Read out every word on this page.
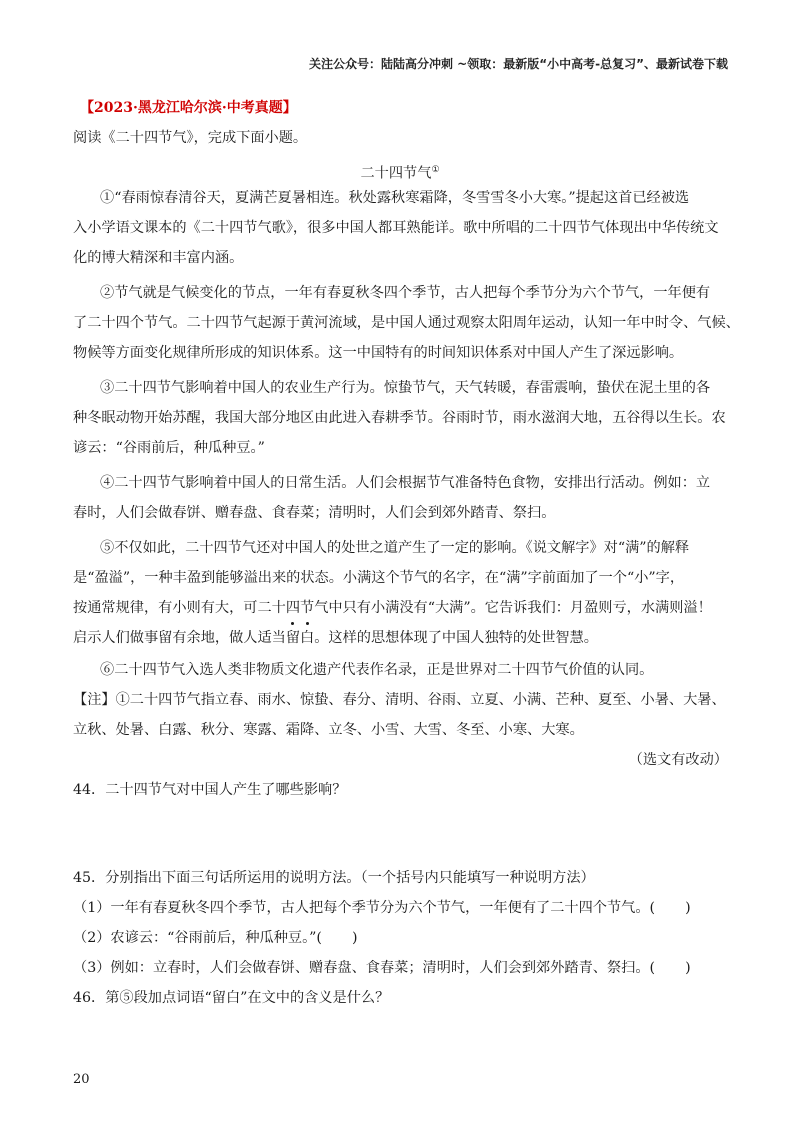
关注公众号：陆陆高分冲刺 ~领取：最新版“小中高考-总复习”、最新试卷下载
【2023·黑龙江哈尔滨·中考真题】
阅读《二十四节气》，完成下面小题。
二十四节气①
①“春雨惊春清谷天，夏满芒夏暑相连。秋处露秋寒霜降，冬雪雪冬小大寒。”提起这首已经被选
入小学语文课本的《二十四节气歌》，很多中国人都耳熟能详。歌中所唱的二十四节气体现出中华传统文
化的博大精深和丰富内涵。
②节气就是气候变化的节点，一年有春夏秋冬四个季节，古人把每个季节分为六个节气，一年便有
了二十四个节气。二十四节气起源于黄河流域，是中国人通过观察太阳周年运动，认知一年中时令、气候、
物候等方面变化规律所形成的知识体系。这一中国特有的时间知识体系对中国人产生了深远影响。
③二十四节气影响着中国人的农业生产行为。惊蛰节气，天气转暖，春雷震响，蛰伏在泥土里的各
种冬眠动物开始苏醒，我国大部分地区由此进入春耕季节。谷雨时节，雨水滋润大地，五谷得以生长。农
谚云：“谷雨前后，种瓜种豆。”
④二十四节气影响着中国人的日常生活。人们会根据节气准备特色食物，安排出行活动。例如：立
春时，人们会做春饼、赠春盘、食春菜；清明时，人们会到郊外踏青、祭扫。
⑤不仅如此，二十四节气还对中国人的处世之道产生了一定的影响。《说文解字》对“满”的解释
是“盈溢”，一种丰盈到能够溢出来的状态。小满这个节气的名字，在“满”字前面加了一个“小”字，
按通常规律，有小则有大，可二十四节气中只有小满没有“大满”。它告诉我们：月盈则亏，水满则溢！
启示人们做事留有余地，做人适当留白。这样的思想体现了中国人独特的处世智慧。
⑥二十四节气入选人类非物质文化遗产代表作名录，正是世界对二十四节气价值的认同。
【注】①二十四节气指立春、雨水、惊蛰、春分、清明、谷雨、立夏、小满、芒种、夏至、小暑、大暑、
立秋、处暑、白露、秋分、寒露、霜降、立冬、小雪、大雪、冬至、小寒、大寒。
（选文有改动）
44．二十四节气对中国人产生了哪些影响？
45．分别指出下面三句话所运用的说明方法。（一个括号内只能填写一种说明方法）
（1）一年有春夏秋冬四个季节，古人把每个季节分为六个节气，一年便有了二十四个节气。( )
（2）农谚云：“谷雨前后，种瓜种豆。”( )
（3）例如：立春时，人们会做春饼、赠春盘、食春菜；清明时，人们会到郊外踏青、祭扫。( )
46．第⑤段加点词语“留白”在文中的含义是什么？
20
